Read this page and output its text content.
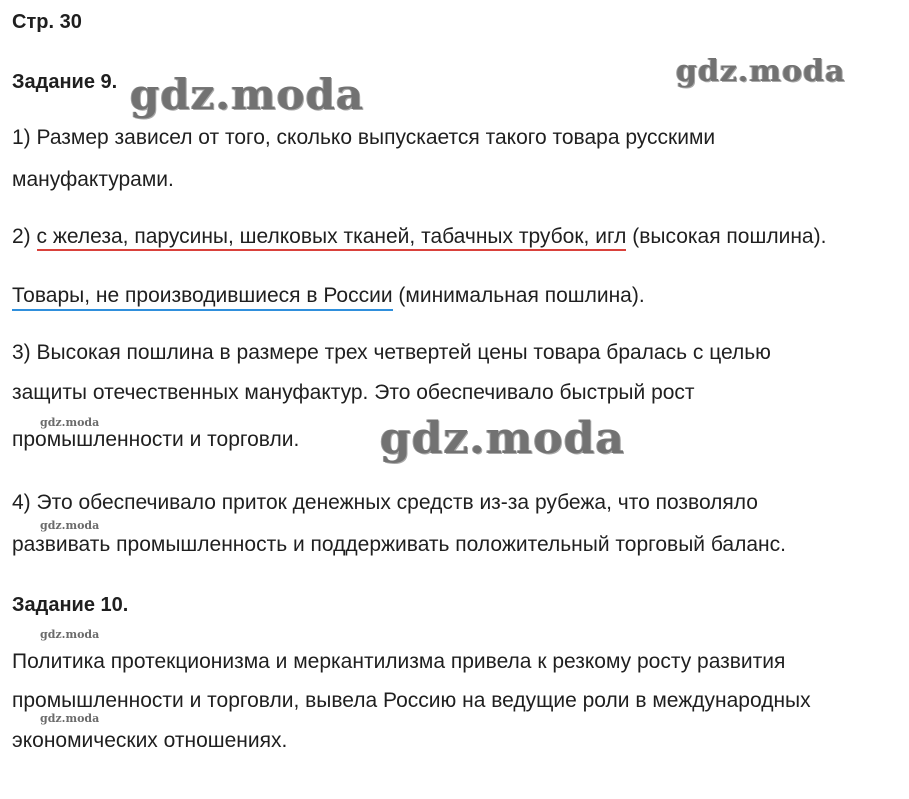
Стр. 30
Задание 9.
1) Размер зависел от того, сколько выпускается такого товара русскими
мануфактурами.
2) с железа, парусины, шелковых тканей, табачных трубок, игл (высокая пошлина).
Товары, не производившиеся в России (минимальная пошлина).
3) Высокая пошлина в размере трех четвертей цены товара бралась с целью
защиты отечественных мануфактур. Это обеспечивало быстрый рост
промышленности и торговли.
4) Это обеспечивало приток денежных средств из-за рубежа, что позволяло
развивать промышленность и поддерживать положительный торговый баланс.
Задание 10.
Политика протекционизма и меркантилизма привела к резкому росту развития
промышленности и торговли, вывела Россию на ведущие роли в международных
экономических отношениях.
gdz.moda	gdz.moda
gdz.moda
gdz.moda
gdz.moda
gdz.moda
gdz.moda
